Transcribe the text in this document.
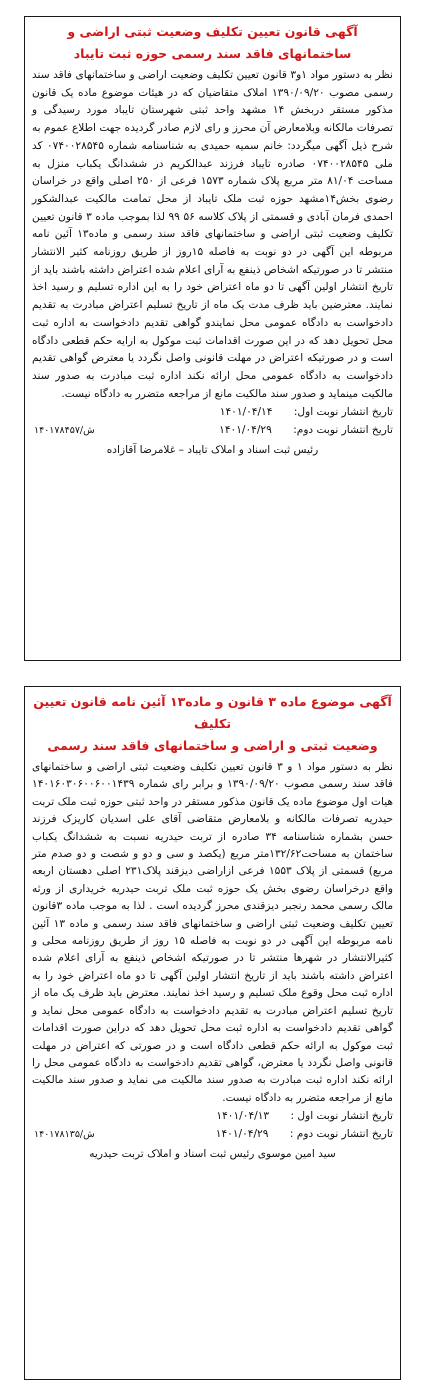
آگهی قانون تعیین تکلیف وضعیت ثبتی اراضی و
ساختمانهای فاقد سند رسمی حوزه ثبت تایباد

نظر به دستور مواد ۱و۳ قانون تعیین تکلیف وضعیت اراضی و ساختمانهای فاقد سند رسمی مصوب ۱۳۹۰/۰۹/۲۰ املاک متقاضیان که در هیئات موضوع ماده یک قانون مذکور مستقر دربخش ۱۴ مشهد واحد ثبتی شهرستان تایباد مورد رسیدگی و تصرفات مالکانه وبلامعارض آن محرز و رای لازم صادر گردیده جهت اطلاع عموم به شرح ذیل آگهی میگردد: خانم سمیه حمیدی به شناسنامه شماره ۰۷۴۰۰۲۸۵۴۵ کد ملی ۰۷۴۰۰۲۸۵۴۵ صادره تایباد فرزند عبدالکریم در ششدانگ یکباب منزل به مساحت ۸۱/۰۴ متر مربع پلاک شماره ۱۵۷۳ فرعی از ۲۵۰ اصلی واقع در خراسان رضوی بخش۱۴مشهد حوزه ثبت ملک تایباد از محل تمامت مالکیت عبدالشکور احمدی فرمان آبادی و قسمتی از پلاک کلاسه ۵۶ ۹۹ لذا بموجب ماده ۳ قانون تعیین تکلیف وضعیت ثبتی اراضی و ساختمانهای فاقد سند رسمی و ماده۱۳ آئین نامه مربوطه این آگهی در دو نوبت به فاصله ۱۵روز از طریق روزنامه کثیر الانتشار منتشر تا در صورتیکه اشخاص ذینفع به آرای اعلام شده اعتراض داشته باشند باید از تاریخ انتشار اولین آگهی تا دو ماه اعتراض خود را به این اداره تسلیم و رسید اخذ نمایند. معترضین باید ظرف مدت یک ماه از تاریخ تسلیم اعتراض مبادرت به تقدیم دادخواست به دادگاه عمومی محل نمایندو گواهی تقدیم دادخواست به اداره ثبت محل تحویل دهد که در این صورت اقدامات ثبت موکول به ارایه حکم قطعی دادگاه است و در صورتیکه اعتراض در مهلت قانونی واصل نگردد یا معترض گواهی تقدیم دادخواست به دادگاه عمومی محل ارائه نکند اداره ثبت مبادرت به صدور سند مالکیت مینماید و صدور سند مالکیت مانع از مراجعه متضرر به دادگاه نیست.

تاریخ انتشار نوبت اول: ۱۴۰۱/۰۴/۱۴
تاریخ انتشار نوبت دوم: ۱۴۰۱/۰۴/۲۹
۱۴۰۱۷۸۴۵۷/ش
رئیس ثبت اسناد و املاک تایباد – غلامرضا آقازاده
آگهی موضوع ماده ۳ قانون و ماده۱۳ آئین نامه قانون تعیین تکلیف
وضعیت ثبتی و اراضی و ساختمانهای فاقد سند رسمی

نظر به دستور مواد ۱ و ۳ قانون تعیین تکلیف وضعیت ثبتی اراضی و ساختمانهای فاقد سند رسمی مصوب ۱۳۹۰/۰۹/۲۰ و برابر رای شماره ۱۴۰۱۶۰۳۰۶۰۰۶۰۰۱۴۳۹ هیات اول موضوع ماده یک قانون مذکور مستقر در واحد ثبتی حوزه ثبت ملک تربت حیدریه تصرفات مالکانه و بلامعارض متقاضی آقای علی اسدیان کاریزک فرزند حسن بشماره شناسنامه ۳۴ صادره از تربت حیدریه نسبت به ششدانگ یکباب ساختمان به مساحت۱۳۲/۶۲متر مربع (یکصد و سی و دو و شصت و دو صدم متر مربع) قسمتی از پلاک ۱۵۵۳ فرعی ازاراضی دیزقند پلاک۲۳۱ اصلی دهستان اربعه واقع درخراسان رضوی بخش یک حوزه ثبت ملک تربت حیدریه خریداری از ورثه مالک رسمی محمد رنجبر دیزقندی محرز گردیده است . لذا به موجب ماده ۳قانون تعیین تکلیف وضعیت ثبتی اراضی و ساختمانهای فاقد سند رسمی و ماده ۱۳ آئین نامه مربوطه این آگهی در دو نوبت به فاصله ۱۵ روز از طریق روزنامه محلی و کثیرالانتشار در شهرها منتشر تا در صورتیکه اشخاص ذینفع به آرای اعلام شده اعتراض داشته باشند باید از تاریخ انتشار اولین آگهی تا دو ماه اعتراض خود را به اداره ثبت محل وقوع ملک تسلیم و رسید اخذ نمایند. معترض باید ظرف یک ماه از تاریخ تسلیم اعتراض مبادرت به تقدیم دادخواست به دادگاه عمومی محل نماید و گواهی تقدیم دادخواست به اداره ثبت محل تحویل دهد که دراین صورت اقدامات ثبت موکول به ارائه حکم قطعی دادگاه است و در صورتی که اعتراض در مهلت قانونی واصل نگردد یا معترض، گواهی تقدیم دادخواست به دادگاه عمومی محل را ارائه نکند اداره ثبت مبادرت به صدور سند مالکیت می نماید و صدور سند مالکیت مانع از مراجعه متضرر به دادگاه نیست.

تاریخ انتشار نوبت اول : ۱۴۰۱/۰۴/۱۳
تاریخ انتشار نوبت دوم : ۱۴۰۱/۰۴/۲۹
۱۴۰۱۷۸۱۳۵/ش
سید امین موسوی رئیس ثبت اسناد و املاک تربت حیدریه
